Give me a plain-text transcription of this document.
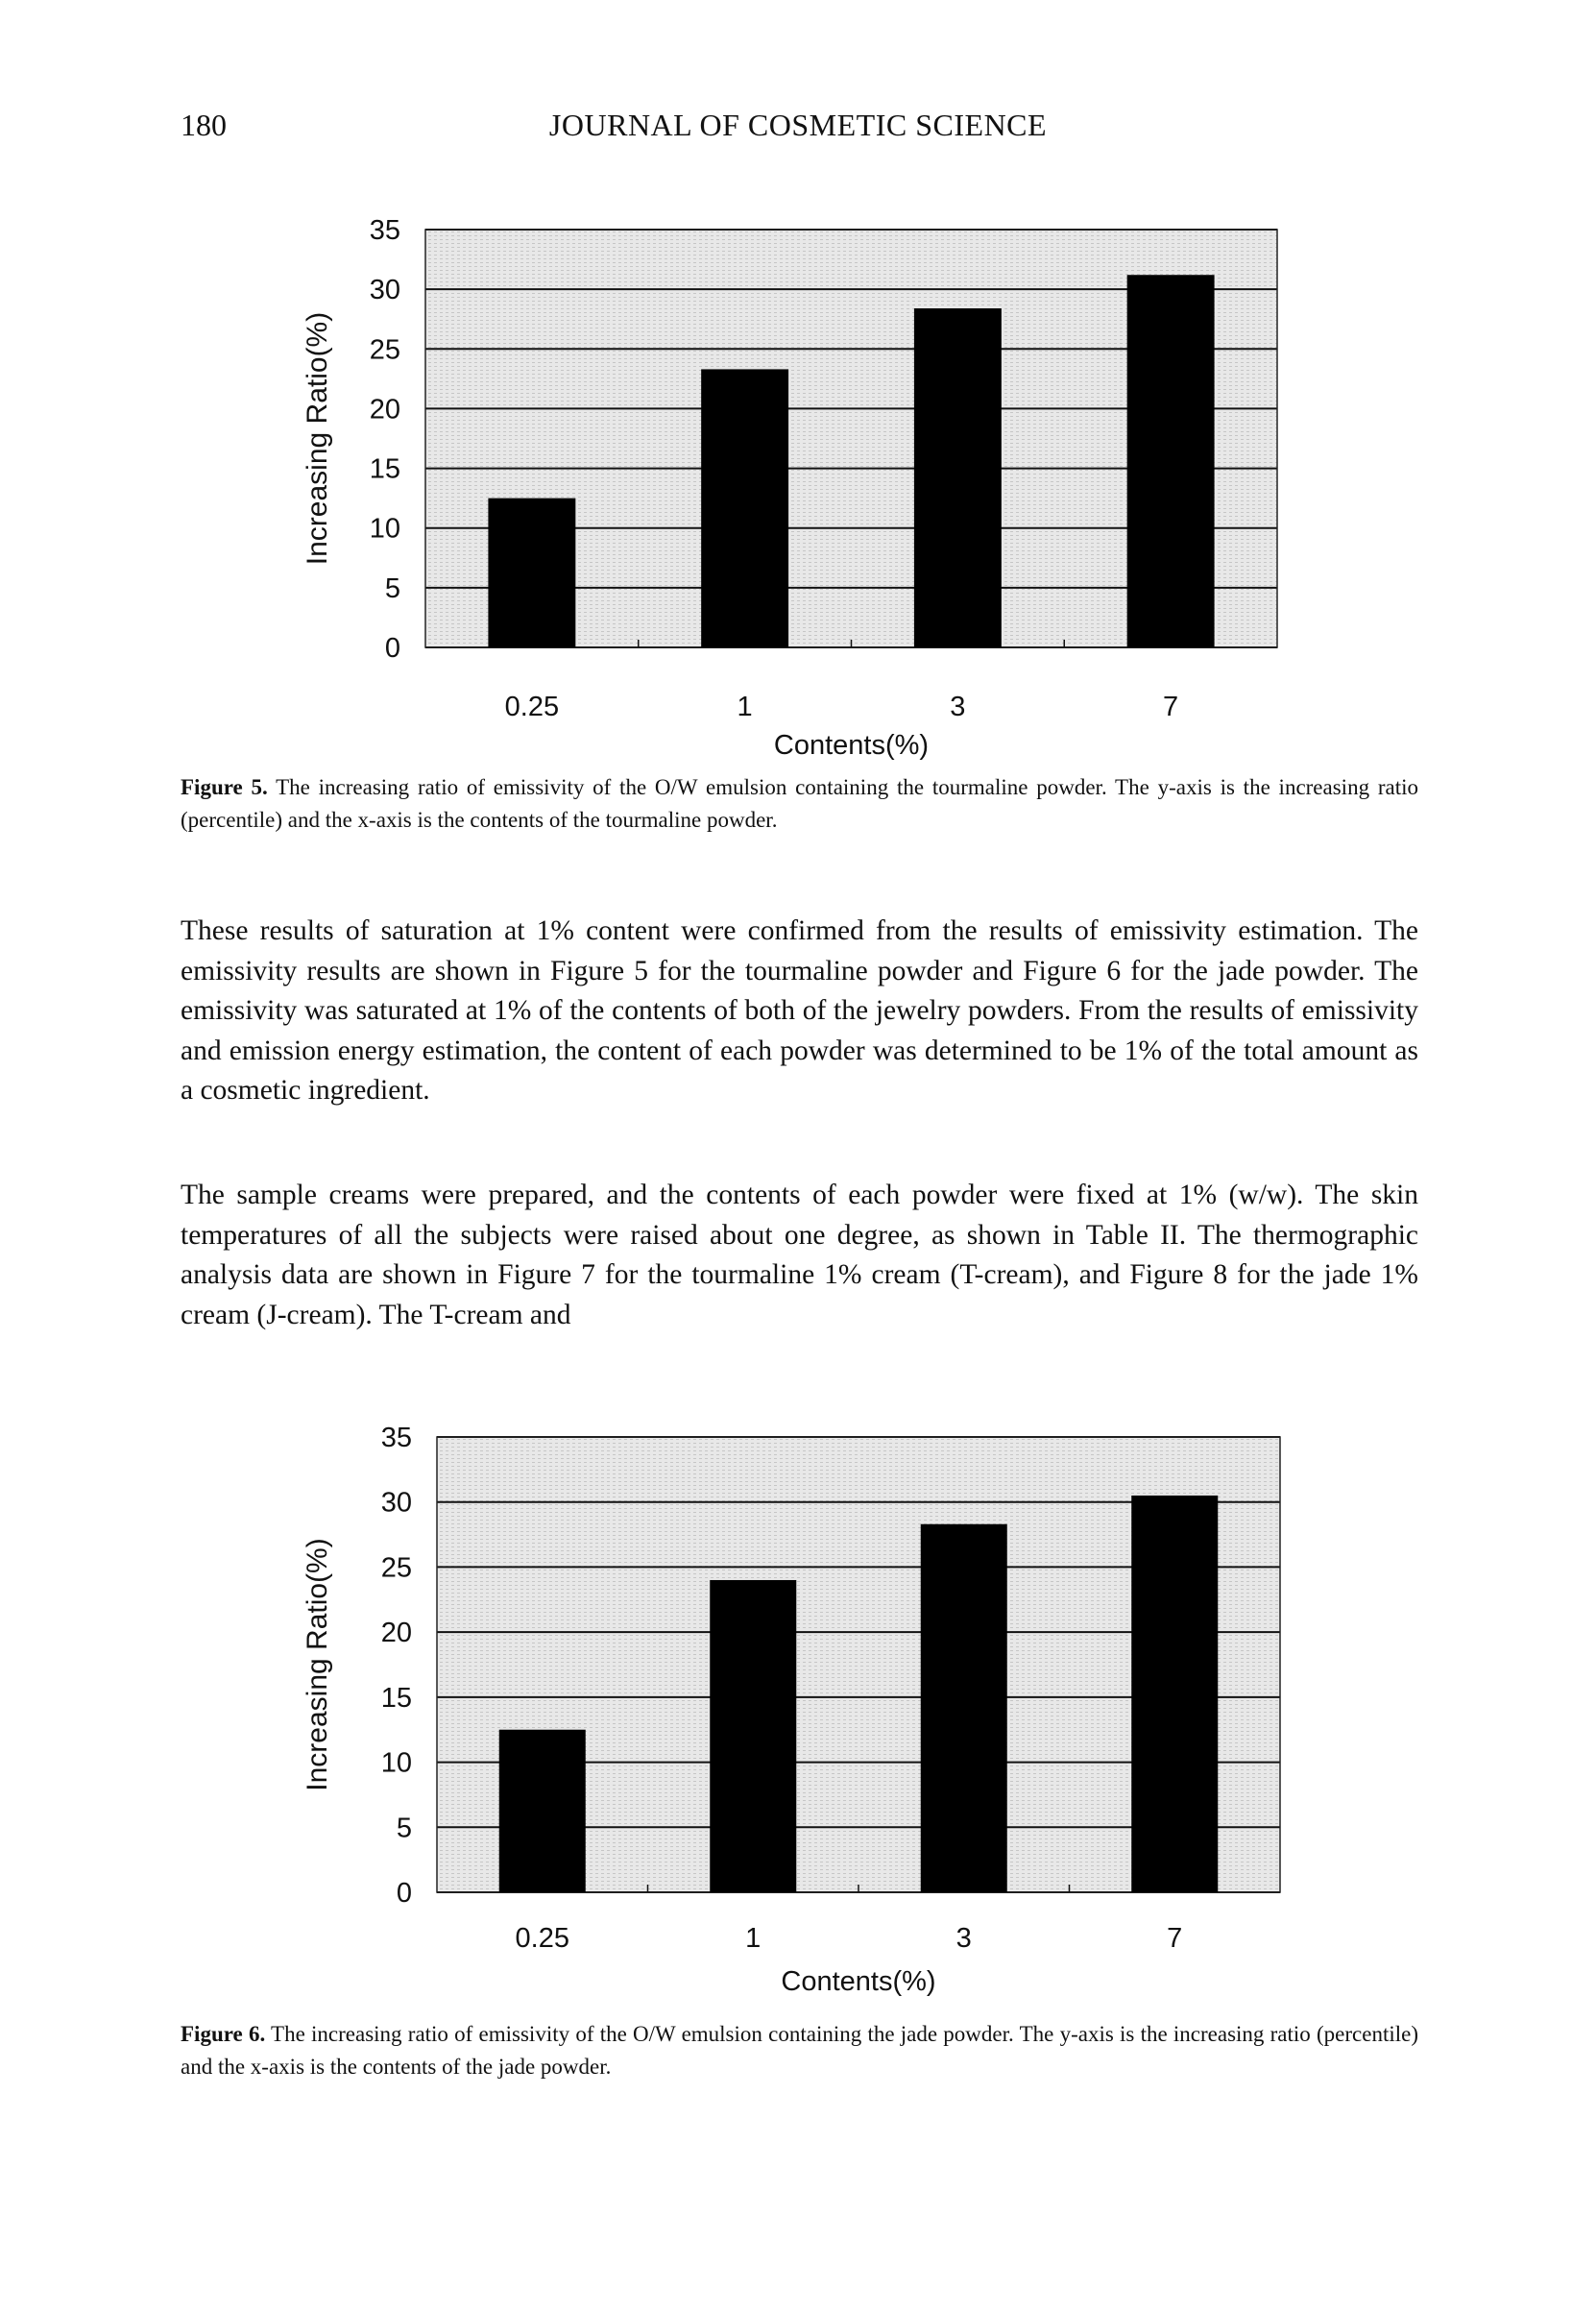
180	JOURNAL OF COSMETIC SCIENCE
0
5
10
15
20
25
30
35
0.25	1	3	7
Contents(%)
Increasing Ratio(%)
Figure 5. The increasing ratio of emissivity of the O/W emulsion containing the tourmaline powder. The y-axis is the increasing ratio (percentile) and the x-axis is the contents of the tourmaline powder.
These results of saturation at 1% content were confirmed from the results of emissivity estimation. The emissivity results are shown in Figure 5 for the tourmaline powder and Figure 6 for the jade powder. The emissivity was saturated at 1% of the contents of both of the jewelry powders. From the results of emissivity and emission energy estimation, the content of each powder was determined to be 1% of the total amount as a cosmetic ingredient.
The sample creams were prepared, and the contents of each powder were fixed at 1% (w/w). The skin temperatures of all the subjects were raised about one degree, as shown in Table II. The thermographic analysis data are shown in Figure 7 for the tourmaline 1% cream (T-cream), and Figure 8 for the jade 1% cream (J-cream). The T-cream and
0
5
10
15
20
25
30
35
0.25	1	3	7
Contents(%)
Increasing Ratio(%)
Figure 6. The increasing ratio of emissivity of the O/W emulsion containing the jade powder. The y-axis is the increasing ratio (percentile) and the x-axis is the contents of the jade powder.
